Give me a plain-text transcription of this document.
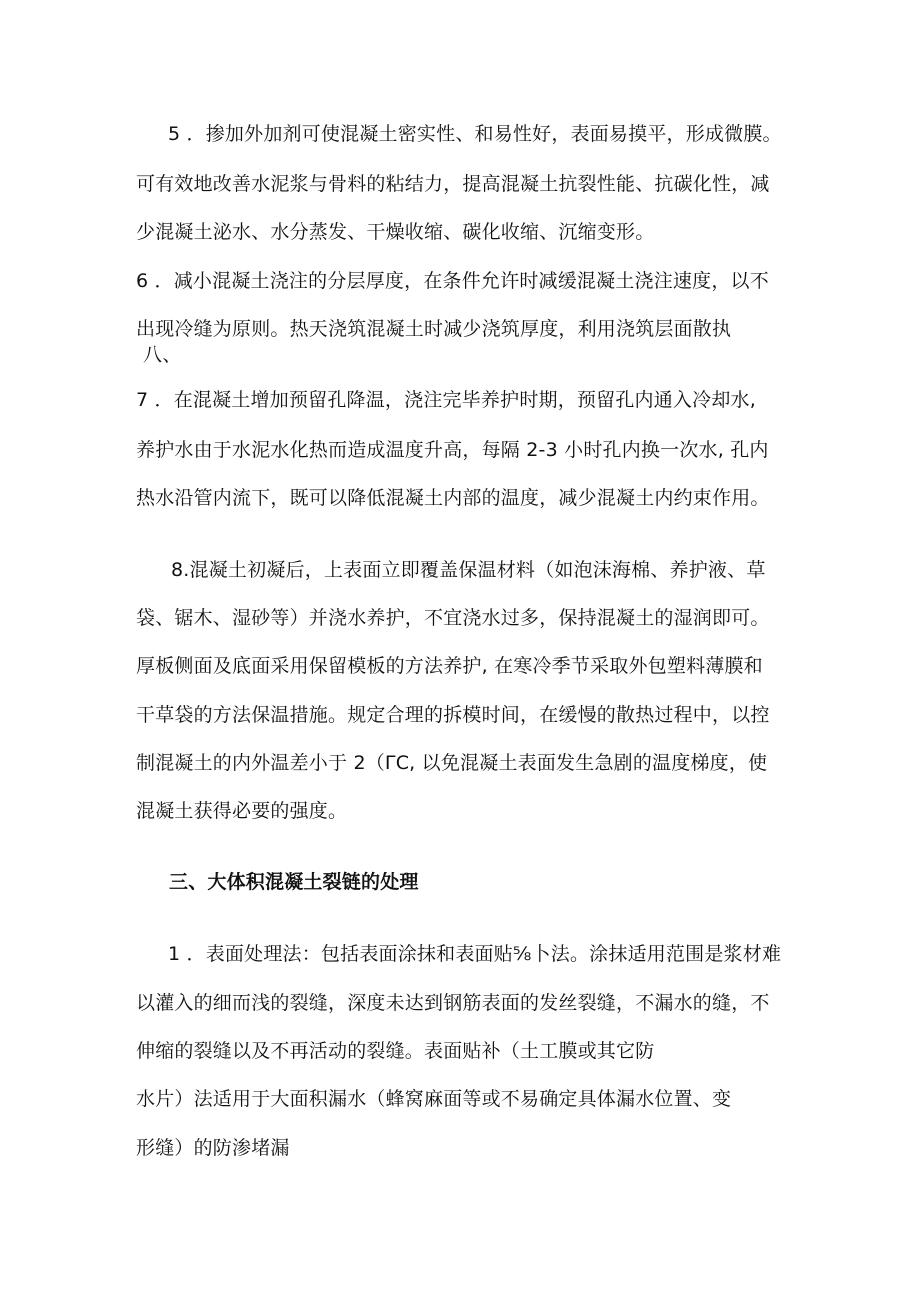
5 ．掺加外加剂可使混凝土密实性、和易性好，表面易摸平，形成微膜。
可有效地改善水泥浆与骨料的粘结力，提高混凝土抗裂性能、抗碳化性，减
少混凝土泌水、水分蒸发、干燥收缩、碳化收缩、沉缩变形。
6 ．减小混凝土浇注的分层厚度，在条件允许时减缓混凝土浇注速度，以不
出现冷缝为原则。热天浇筑混凝土时减少浇筑厚度，利用浇筑层面散执
八、
7 ．在混凝土增加预留孔降温，浇注完毕养护时期，预留孔内通入冷却水,
养护水由于水泥水化热而造成温度升高，每隔 2-3 小时孔内换一次水, 孔内
热水沿管内流下，既可以降低混凝土内部的温度，减少混凝土内约束作用。
8.混凝土初凝后，上表面立即覆盖保温材料（如泡沫海棉、养护液、草
袋、锯木、湿砂等）并浇水养护，不宜浇水过多，保持混凝土的湿润即可。
厚板侧面及底面采用保留模板的方法养护, 在寒冷季节采取外包塑料薄膜和
干草袋的方法保温措施。规定合理的拆模时间，在缓慢的散热过程中，以控
制混凝土的内外温差小于 2（ΓC, 以免混凝土表面发生急剧的温度梯度，使
混凝土获得必要的强度。
三、大体积混凝土裂链的处理
1 ．表面处理法：包括表面涂抹和表面贴⅝卜法。涂抹适用范围是浆材难
以灌入的细而浅的裂缝，深度未达到钢筋表面的发丝裂缝，不漏水的缝，不
伸缩的裂缝以及不再活动的裂缝。表面贴补（土工膜或其它防
水片）法适用于大面积漏水（蜂窝麻面等或不易确定具体漏水位置、变
形缝）的防渗堵漏
